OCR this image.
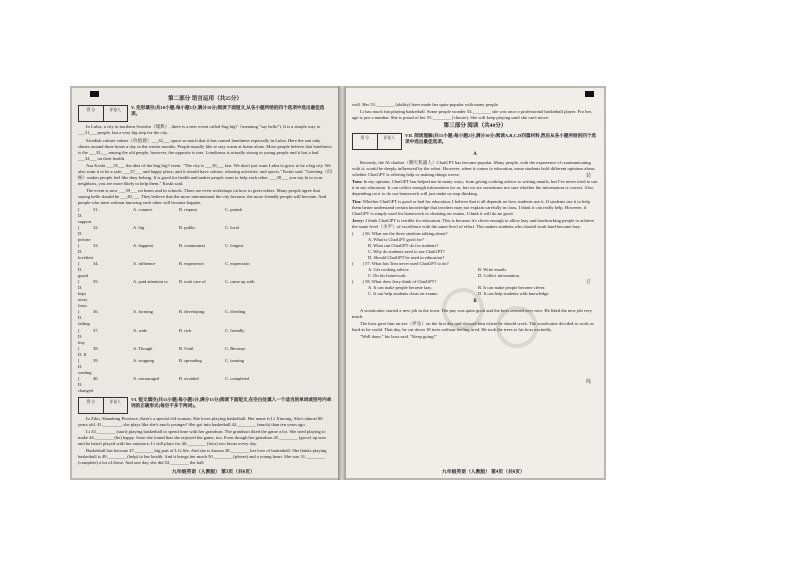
第二部分 语言运用（共25分）
得 分	评卷人	V. 完形填空(共10小题;每小题1分,满分10分)阅读下面短文,从各小题所给的四个选项中选出最佳选项。

In Lulea, a city in northern Sweden（瑞典）, there is a new event called Sug big?（meaning "say hello"). It is a simple way to ___31___ people, but a very big step for the city.

Swedish culture values（价值观）___32___ space so much that it has caused loneliness especially in Lulea. Here the sun only shines around three hours a day in the winter months. People usually like to stay warm at home alone. More people believe that loneliness is the ___33___ among the old people, however, the opposite is true. Loneliness is actually strong in young people and it has a bad ___34___ on their health.

Asa Koski ___35___ the idea of the Sug big? event. "The city is ___36___ fast. We don't just want Lulea to grow to be a big city. We also want it to be a safe, ___37___ and happy place, and it should have culture, relaxing activities, and sports," Koski said. "Greeting（问候）makes people feel like they belong. It is good for health and makes people want to help each other. ___38___ you say hi to your neighbors, you are more likely to help them," Koski said.

The event is now ___39___ on buses and in schools. There are even workshops on how to greet others. Many people agree that saying hello should be ___40___. They believe that the more international the city become, the more friendly people will become. And people who meet without knowing each other will become happier.

(	31.	A. connect	B. request	C. punish
D. support
(	32.	A. big	B. public	C. local
D. private
(	33.	A. happiest	B. commonest	C. longest
D. loveliest
(	34.	A. influence	B. experience	C. expression
D. guard
(	35.	A. paid attention to	B. took care of	C. came up with
D. kept away from
(	36.	A. forming	B. developing	C. dividing
D. failing
(	37.	A. wide	B. rich	C. friendly
D. tiny
(	38.	A. Though	B. Until	C. Because
D. If
(	39.	A. stopping	B. spreading	C. treating
D. reading
(	40.	A. encouraged	B. avoided	C. completed
D. changed
得 分	评卷人	VI. 短文填空(共15小题;每小题1分,满分15分)阅读下面短文,在空白处填入一个适当的单词或括号内单词的正确形式(每空不多于两词)。

In Zibo, Shandong Province, there's a special old woman. She loves playing basketball. Her name is Li Xiurong. She's almost 80 years old. 41.________, she plays like she's much younger! She got into basketball 42.________ (much) than ten years ago.

Li 43.________ (start) playing basketball to spend time with her grandson. The grandson liked the game a lot. She tried playing to make 44.________ (he) happy. Soon she found that she enjoyed the game, too. Even though her grandson 45.________ (grow) up now and he hasn't played with her anymore, Li still plays for 46.________ (four) two hours every day.

Basketball has become 47.________ big part of Li's life. And she is known 48.________ her love of basketball. She thinks playing basketball is 49.________ (help) to her health. And it brings her much 50.________ (please) and a young heart. She was 51.________ (complete) a lot of those. And one day, she did 52.________ the ball

九年级英语（人教版） 第3页（共6页）

well. Her 53.________ (ability) have made her quite popular with many people.

Li has much fun playing basketball. Some people wonder 54.________ she was once a professional basketball player. For her, age is just a number. She is proud of her 55.________ (choose). She will keep playing until she can't move.

第三部分 阅读（共40分）
得 分	评卷人	VII. 阅读理解(共15小题;每小题2分,满分30分)阅读A,B,C,D四篇材料,然后从各小题所给的四个选项中选出最佳选项。
A

Recently, the AI chatbot（聊天机器人）ChatGPT has become popular. Many people, with the experience of communicating with it, would be deeply influenced by the robot. However, when it comes to education, some students hold different opinions about whether ChatGPT is offering help or making things worse.

Tom: In my opinion, ChatGPT has helped me in many ways, from giving cooking advice to writing emails, but I've never tried to use it in my education. It can collect enough information for us, but we are sometimes not sure whether the information is correct. Also, depending on it to do our homework will just make us stop thinking.

Tim: Whether ChatGPT is good or bad for education, I believe that it all depends on how students use it. If students use it to help them better understand certain knowledge that teachers may not explain carefully in class, I think it can really help. However, if ChatGPT is simply used for homework or cheating on exams, I think it will do no good.

Jerry: I think ChatGPT is terrible for education. This is because it's clever enough to allow lazy and hardworking people to achieve the same level（水平）of excellence with the same level of effort. This makes students who should work hard become lazy.

(　　) 56. What are the three students talking about?
A. What is ChatGPT good for?
B. What can ChatGPT do for students?
C. Why do students need to use ChatGPT?
D. Should ChatGPT be used in education?
(　　) 57. What has Tom never used ChatGPT to do?
A. Get cooking advice.	B. Write emails.
C. Do his homework.	D. Collect information.
(　　) 58. What does Jerry think of ChatGPT?
A. It can make people become lazy.	B. It can make people become clever.
C. It can help students cheat on exams.	D. It can help students with knowledge.
B

A woodcutter started a new job in the town. The pay was quite good and the boss seemed very nice. He liked the new job very much.

The boss gave him an axe（斧头）on the first day and showed him where he should work. The woodcutter decided to work as hard as he could. That day, he cut down 18 trees without feeling tired. He took the trees to his boss excitedly.

"Well done," his boss said. "Keep going!"

九年级英语（人教版） 第4页（共6页）
装
订
线
